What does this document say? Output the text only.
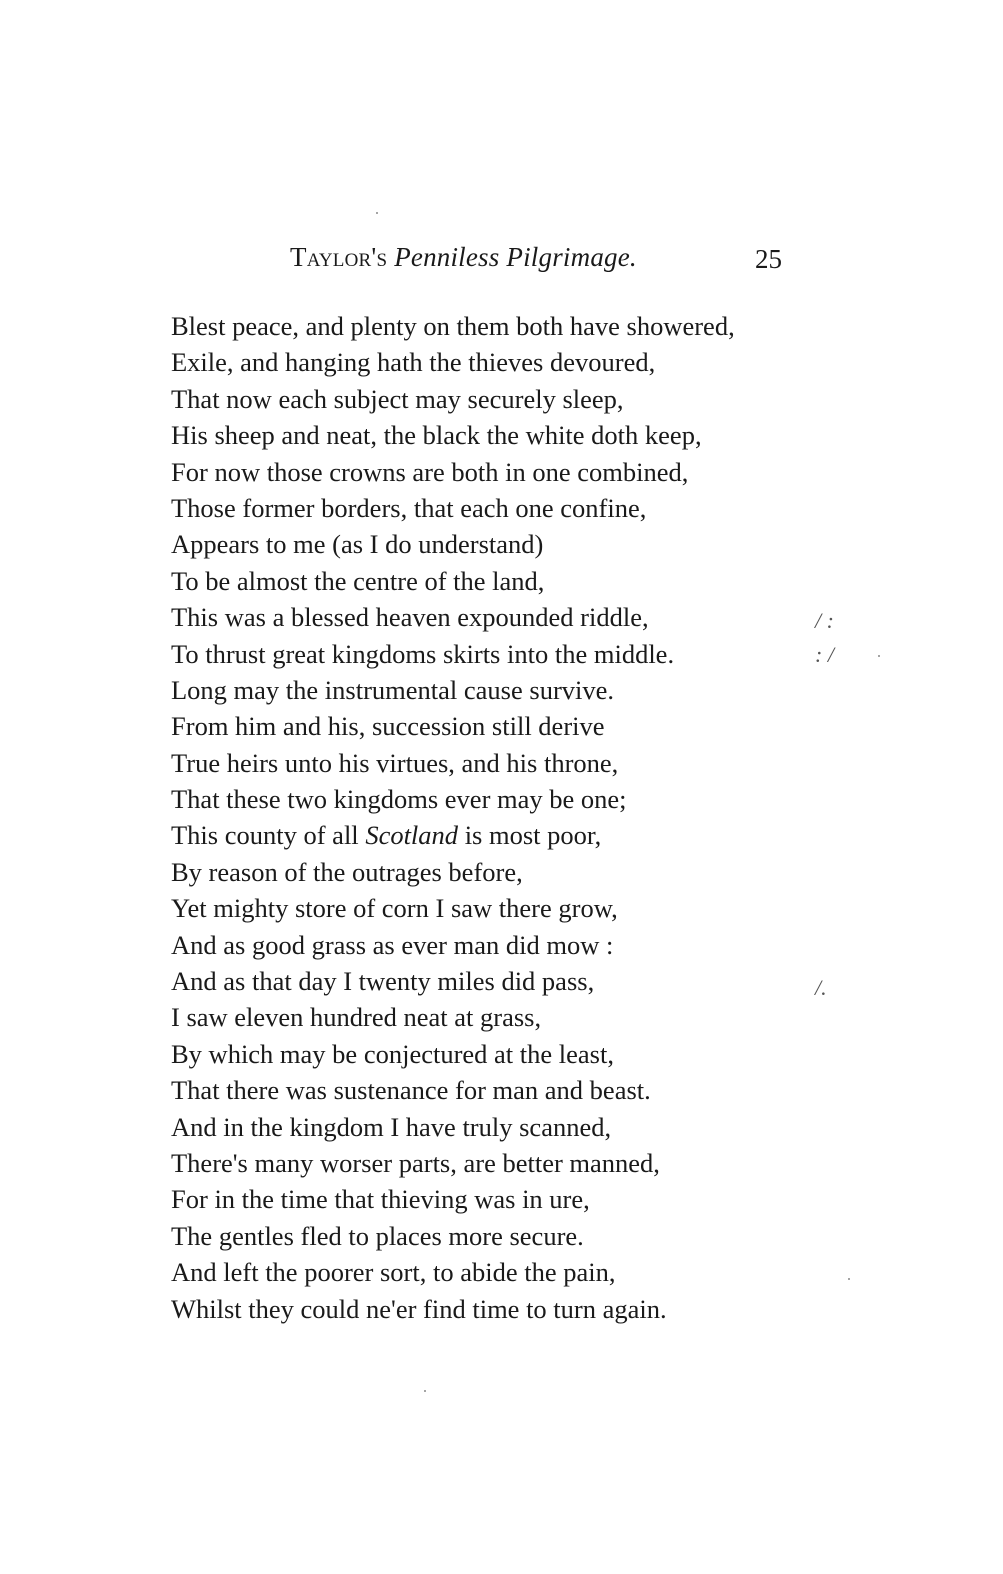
Taylor's Penniless Pilgrimage.	25
Blest peace, and plenty on them both have showered,
Exile, and hanging hath the thieves devoured,
That now each subject may securely sleep,
His sheep and neat, the black the white doth keep,
For now those crowns are both in one combined,
Those former borders, that each one confine,
Appears to me (as I do understand)
To be almost the centre of the land,
This was a blessed heaven expounded riddle,
To thrust great kingdoms skirts into the middle.
Long may the instrumental cause survive.
From him and his, succession still derive
True heirs unto his virtues, and his throne,
That these two kingdoms ever may be one;
This county of all Scotland is most poor,
By reason of the outrages before,
Yet mighty store of corn I saw there grow,
And as good grass as ever man did mow :
And as that day I twenty miles did pass,
I saw eleven hundred neat at grass,
By which may be conjectured at the least,
That there was sustenance for man and beast.
And in the kingdom I have truly scanned,
There's many worser parts, are better manned,
For in the time that thieving was in ure,
The gentles fled to places more secure.
And left the poorer sort, to abide the pain,
Whilst they could ne'er find time to turn again.
/ :
: /
/.
